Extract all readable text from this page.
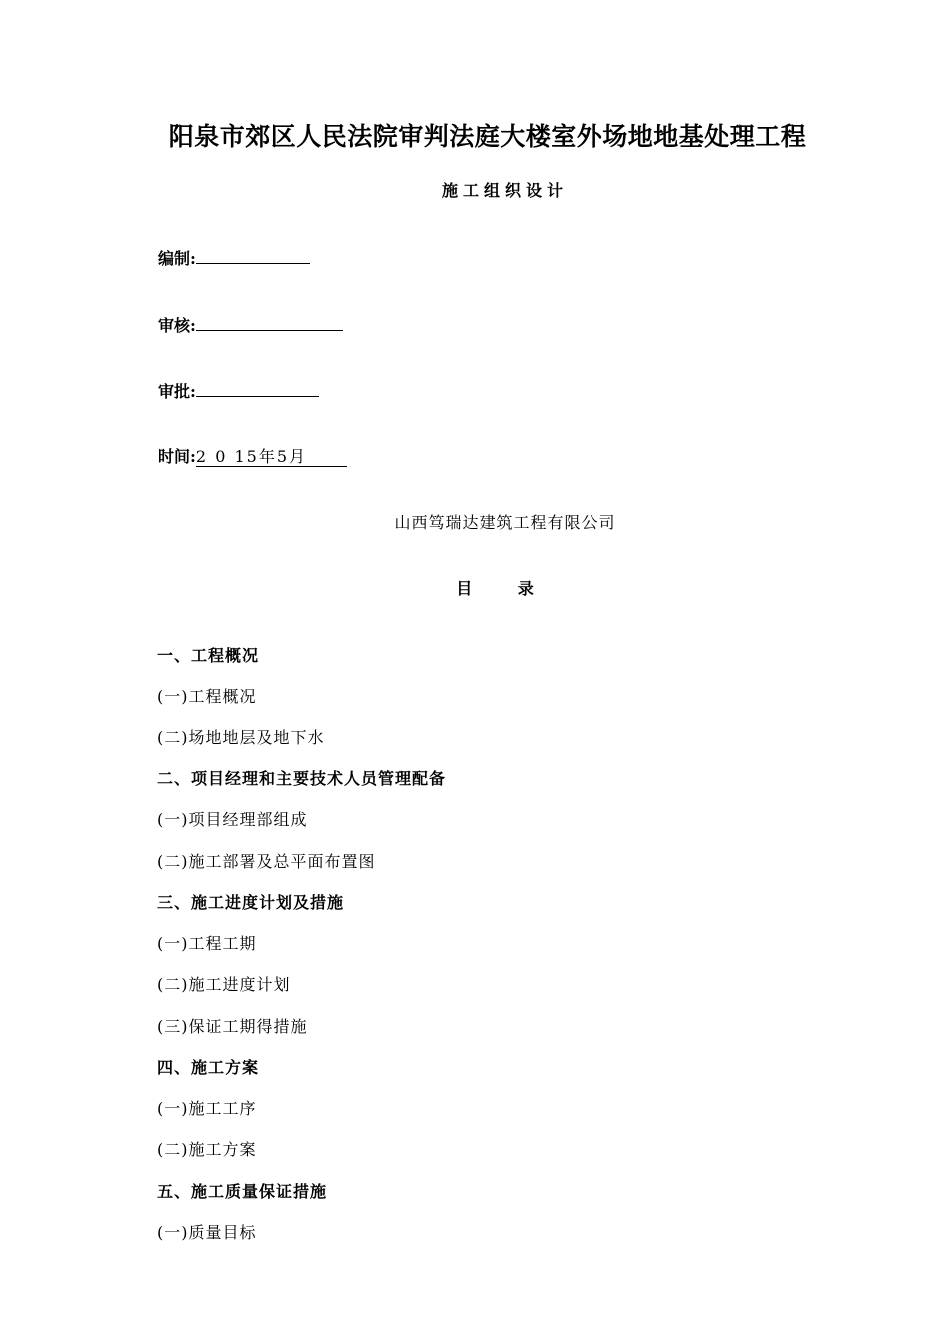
阳泉市郊区人民法院审判法庭大楼室外场地地基处理工程
施工组织设计
编制:
审核:
审批:
时间:2 0 15年5月
山西笃瑞达建筑工程有限公司
目 录
一、工程概况
(一)工程概况
(二)场地地层及地下水
二、项目经理和主要技术人员管理配备
(一)项目经理部组成
(二)施工部署及总平面布置图
三、施工进度计划及措施
(一)工程工期
(二)施工进度计划
(三)保证工期得措施
四、施工方案
(一)施工工序
(二)施工方案
五、施工质量保证措施
(一)质量目标
